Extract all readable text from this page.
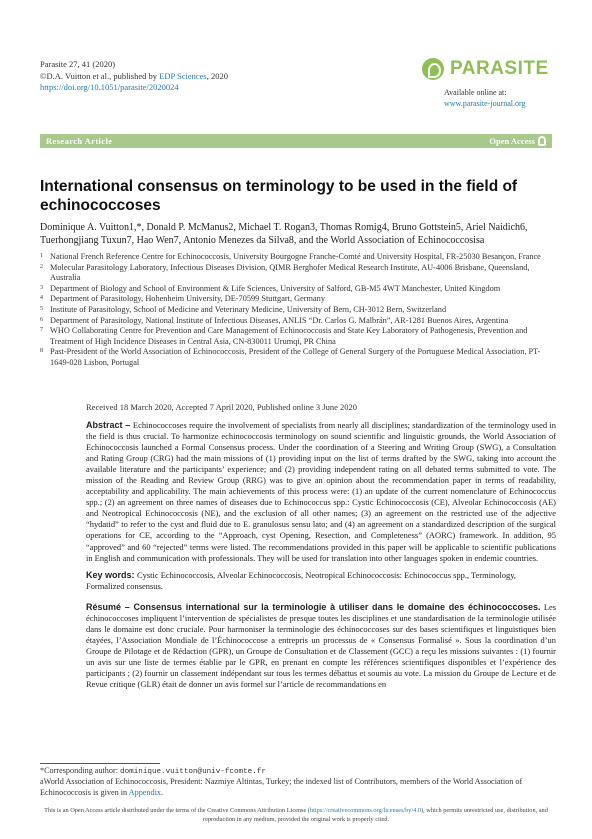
Parasite 27, 41 (2020)
©D.A. Vuitton et al., published by EDP Sciences, 2020
https://doi.org/10.1051/parasite/2020024
PARASITE
Available online at:
www.parasite-journal.org
Research Article	Open Access
International consensus on terminology to be used in the field of echinococcoses
Dominique A. Vuitton1,*, Donald P. McManus2, Michael T. Rogan3, Thomas Romig4, Bruno Gottstein5, Ariel Naidich6, Tuerhongjiang Tuxun7, Hao Wen7, Antonio Menezes da Silva8, and the World Association of Echinococcosisa
1 National French Reference Centre for Echinococcosis, University Bourgogne Franche-Comté and University Hospital, FR-25030 Besançon, France
2 Molecular Parasitology Laboratory, Infectious Diseases Division, QIMR Berghofer Medical Research Institute, AU-4006 Brisbane, Queensland, Australia
3 Department of Biology and School of Environment & Life Sciences, University of Salford, GB-M5 4WT Manchester, United Kingdom
4 Department of Parasitology, Hohenheim University, DE-70599 Stuttgart, Germany
5 Institute of Parasitology, School of Medicine and Veterinary Medicine, University of Bern, CH-3012 Bern, Switzerland
6 Department of Parasitology, National Institute of Infectious Diseases, ANLIS “Dr. Carlos G. Malbrán”, AR-1281 Buenos Aires, Argentina
7 WHO Collaborating Centre for Prevention and Care Management of Echinococcosis and State Key Laboratory of Pathogenesis, Prevention and Treatment of High Incidence Diseases in Central Asia, CN-830011 Urumqi, PR China
8 Past-President of the World Association of Echinococcosis, President of the College of General Surgery of the Portuguese Medical Association, PT-1649-028 Lisbon, Portugal
Received 18 March 2020, Accepted 7 April 2020, Published online 3 June 2020
Abstract – Echinococcoses require the involvement of specialists from nearly all disciplines; standardization of the terminology used in the field is thus crucial. To harmonize echinococcosis terminology on sound scientific and linguistic grounds, the World Association of Echinococcosis launched a Formal Consensus process. Under the coordination of a Steering and Writing Group (SWG), a Consultation and Rating Group (CRG) had the main missions of (1) providing input on the list of terms drafted by the SWG, taking into account the available literature and the participants’ experience; and (2) providing independent rating on all debated terms submitted to vote. The mission of the Reading and Review Group (RRG) was to give an opinion about the recommendation paper in terms of readability, acceptability and applicability. The main achievements of this process were: (1) an update of the current nomenclature of Echinococcus spp.; (2) an agreement on three names of diseases due to Echinococcus spp.: Cystic Echinococcosis (CE), Alveolar Echinococcosis (AE) and Neotropical Echinococcosis (NE), and the exclusion of all other names; (3) an agreement on the restricted use of the adjective “hydatid” to refer to the cyst and fluid due to E. granulosus sensu lato; and (4) an agreement on a standardized description of the surgical operations for CE, according to the “Approach, cyst Opening, Resection, and Completeness” (AORC) framework. In addition, 95 “approved” and 60 “rejected” terms were listed. The recommendations provided in this paper will be applicable to scientific publications in English and communication with professionals. They will be used for translation into other languages spoken in endemic countries.
Key words: Cystic Echinococcosis, Alveolar Echinococcosis, Neotropical Echinococcosis: Echinococcus spp., Terminology, Formalized consensus.
Résumé – Consensus international sur la terminologie à utiliser dans le domaine des échinococcoses. Les échinococcoses impliquent l’intervention de spécialistes de presque toutes les disciplines et une standardisation de la terminologie utilisée dans le domaine est donc cruciale. Pour harmoniser la terminologie des échinococcoses sur des bases scientifiques et linguistiques bien étayées, l’Association Mondiale de l’Échinococcose a entrepris un processus de « Consensus Formalisé ». Sous la coordination d’un Groupe de Pilotage et de Rédaction (GPR), un Groupe de Consultation et de Classement (GCC) a reçu les missions suivantes : (1) fournir un avis sur une liste de termes établie par le GPR, en prenant en compte les références scientifiques disponibles et l’expérience des participants ; (2) fournir un classement indépendant sur tous les termes débattus et soumis au vote. La mission du Groupe de Lecture et de Revue critique (GLR) était de donner un avis formel sur l’article de recommandations en
*Corresponding author: dominique.vuitton@univ-fcomte.fr
aWorld Association of Echinococcosis, President: Nazmiye Altintas, Turkey; the indexed list of Contributors, members of the World Association of Echinococcosis is given in Appendix.
This is an Open Access article distributed under the terms of the Creative Commons Attribution License (https://creativecommons.org/licenses/by/4.0), which permits unrestricted use, distribution, and reproduction in any medium, provided the original work is properly cited.
